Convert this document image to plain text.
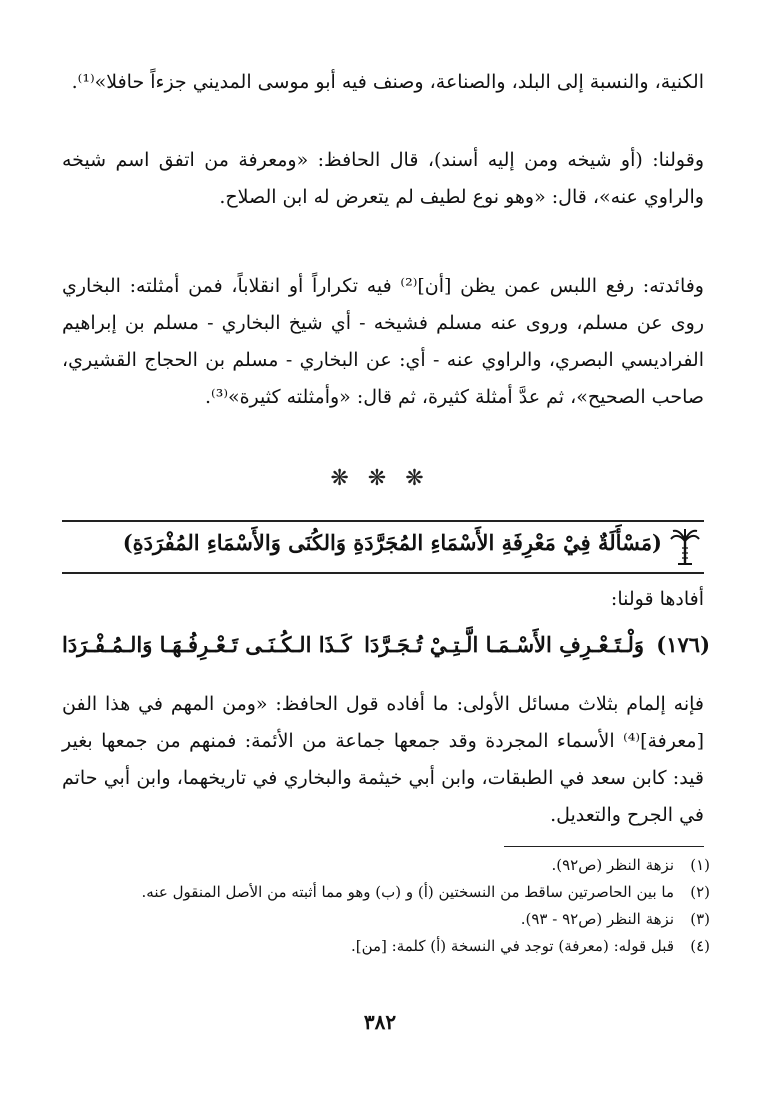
الكنية، والنسبة إلى البلد، والصناعة، وصنف فيه أبو موسى المديني جزءاً حافلا»⁽¹⁾.
وقولنا: (أو شيخه ومن إليه أسند)، قال الحافظ: «ومعرفة من اتفق اسم شيخه والراوي عنه»، قال: «وهو نوع لطيف لم يتعرض له ابن الصلاح.
وفائدته: رفع اللبس عمن يظن [أن]⁽²⁾ فيه تكراراً أو انقلاباً، فمن أمثلته: البخاري روى عن مسلم، وروى عنه مسلم فشيخه - أي شيخ البخاري - مسلم بن إبراهيم الفراديسي البصري، والراوي عنه - أي: عن البخاري - مسلم بن الحجاج القشيري، صاحب الصحيح»، ثم عدَّ أمثلة كثيرة، ثم قال: «وأمثلته كثيرة»⁽³⁾.
❋ ❋ ❋
(مَسْأَلَةٌ فِيْ مَعْرِفَةِ الأَسْمَاءِ المُجَرَّدَةِ وَالكُنَى وَالأَسْمَاءِ المُفْرَدَةِ)
أفادها قولنا:
(١٧٦)
وَلْـتَـعْـرِفِ الأَسْـمَـا الَّـتِـيْ تُـجَـرَّدَا
كَـذَا الـكُـنَـى تَـعْـرِفُـهَـا وَالـمُـفْـرَدَا
فإنه إلمام بثلاث مسائل الأولى: ما أفاده قول الحافظ: «ومن المهم في هذا الفن [معرفة]⁽⁴⁾ الأسماء المجردة وقد جمعها جماعة من الأئمة: فمنهم من جمعها بغير قيد: كابن سعد في الطبقات، وابن أبي خيثمة والبخاري في تاريخهما، وابن أبي حاتم في الجرح والتعديل.
(١)
نزهة النظر (ص٩٢).
(٢)
ما بين الحاصرتين ساقط من النسختين (أ) و (ب) وهو مما أثبته من الأصل المنقول عنه.
(٣)
نزهة النظر (ص٩٢ - ٩٣).
(٤)
قبل قوله: (معرفة) توجد في النسخة (أ) كلمة: [من].
٣٨٢
